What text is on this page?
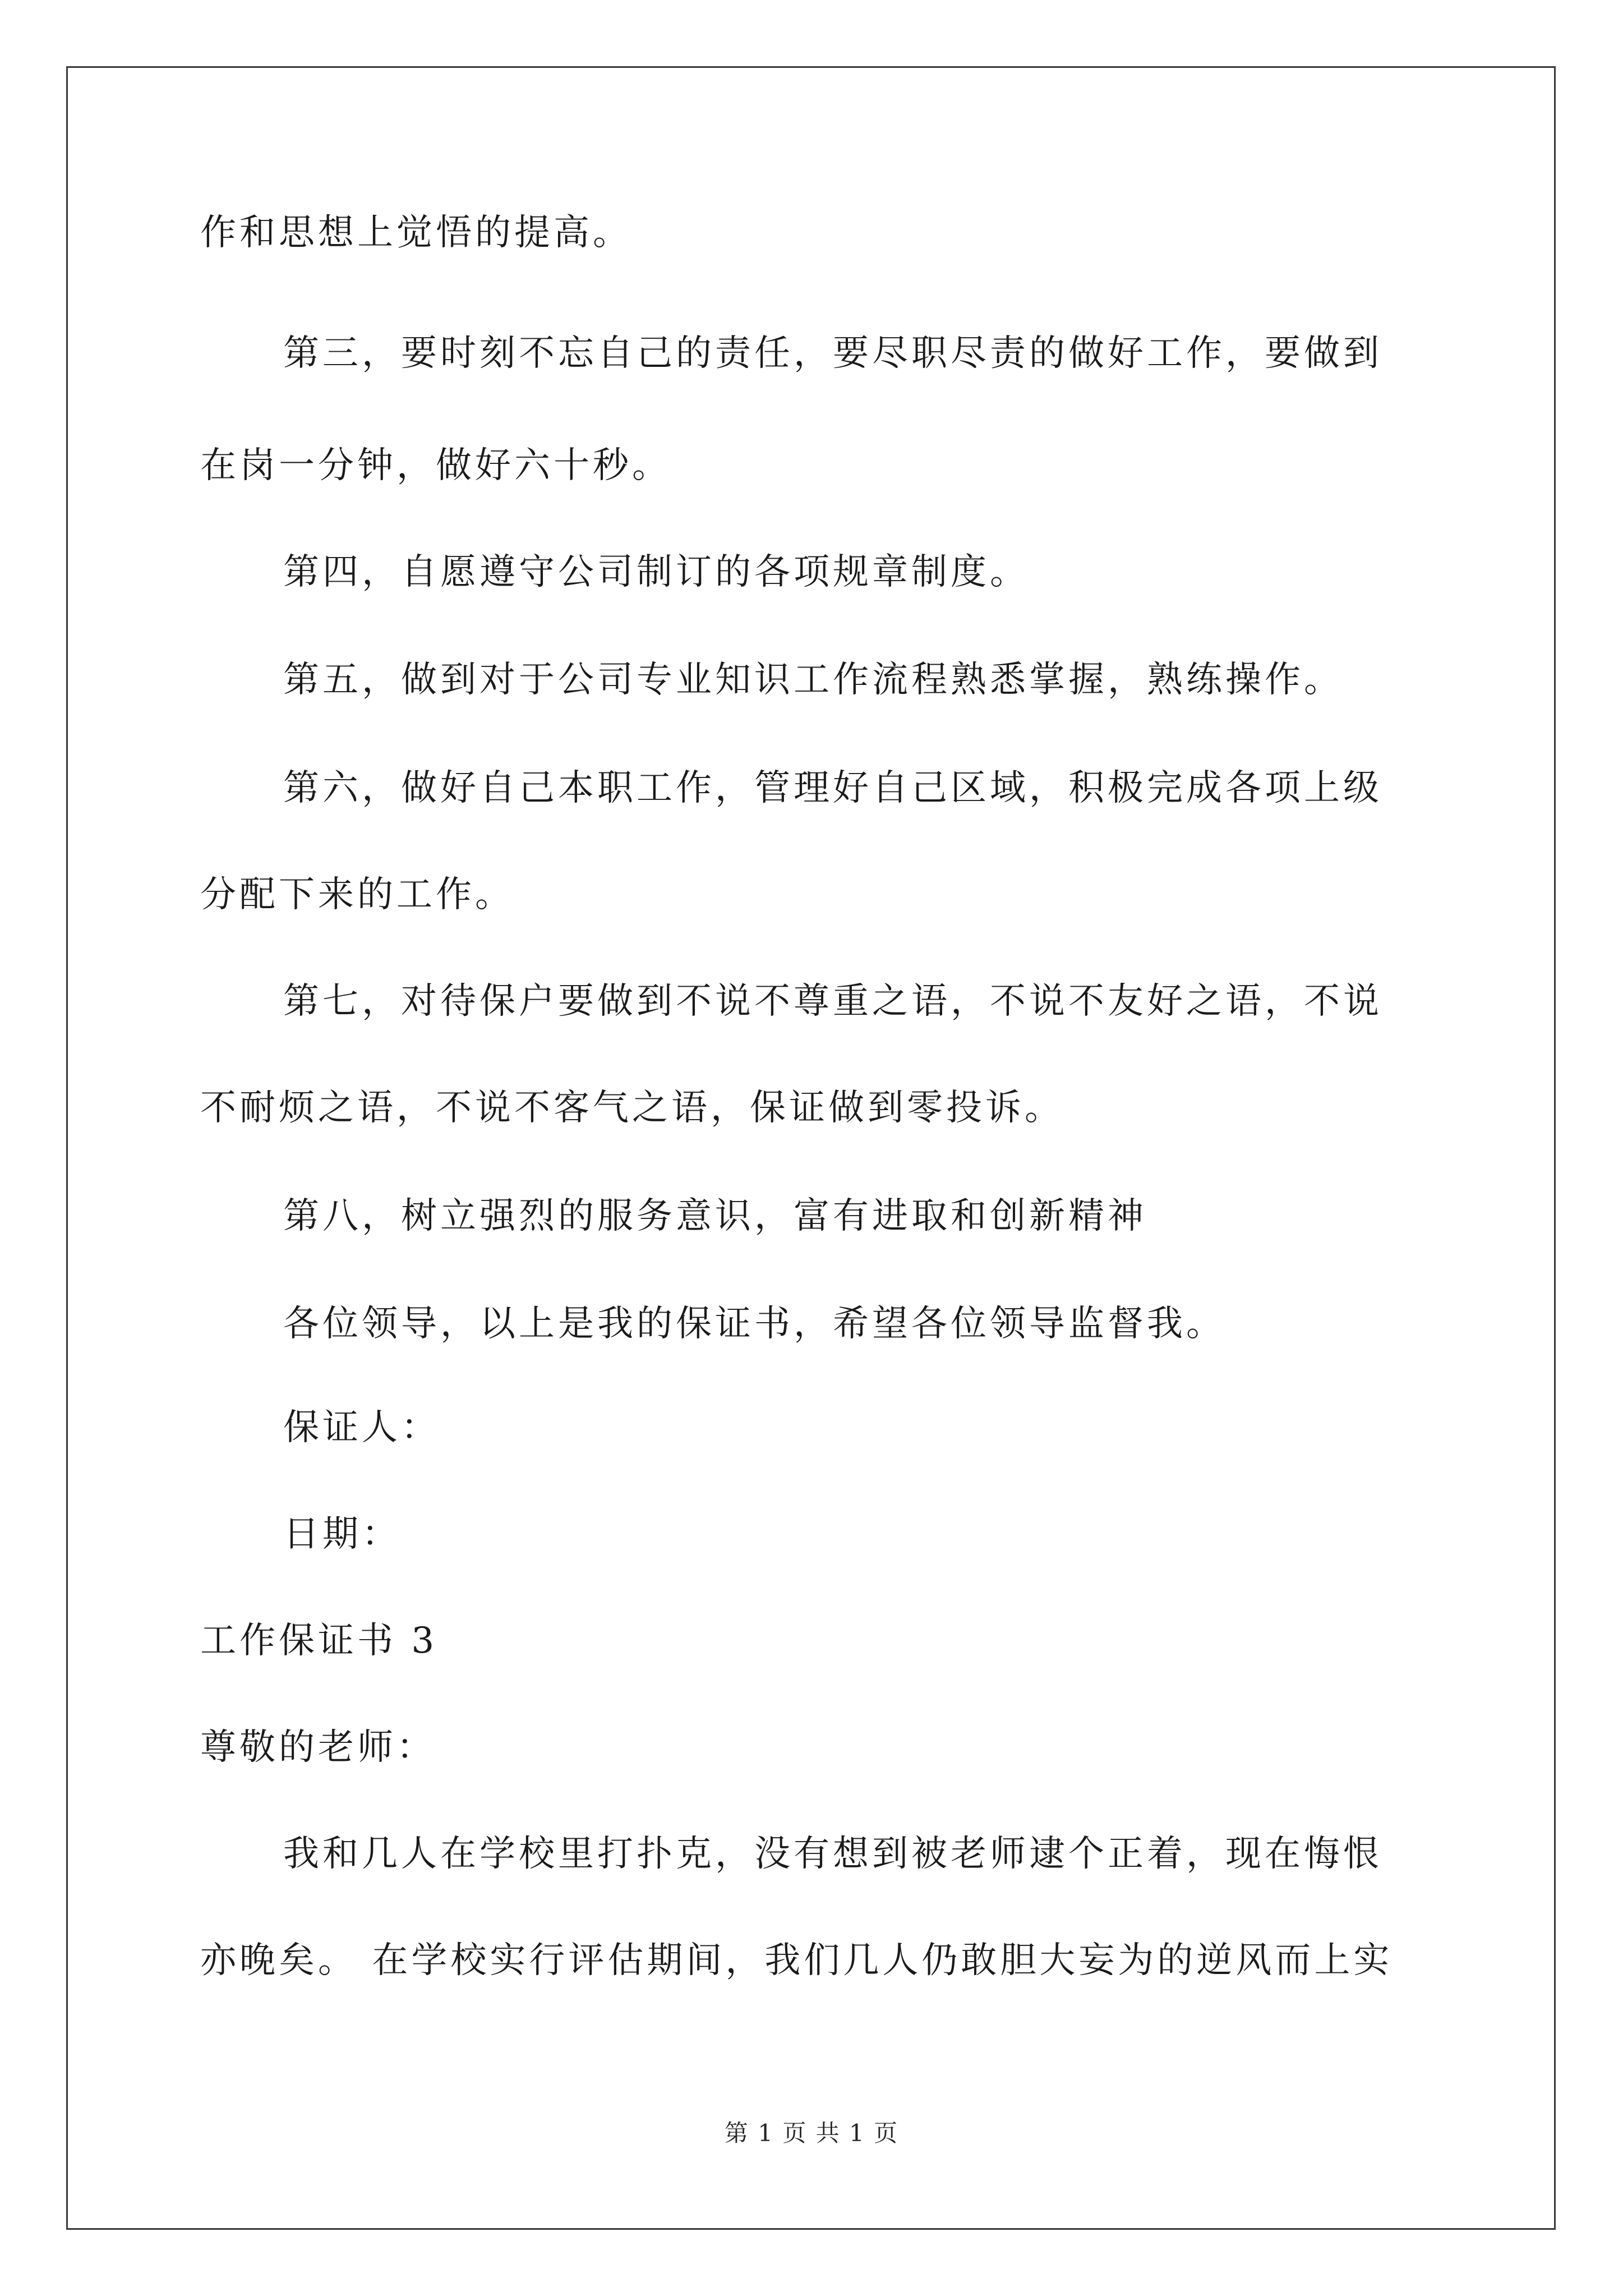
作和思想上觉悟的提高。

第三，要时刻不忘自己的责任，要尽职尽责的做好工作，要做到

在岗一分钟，做好六十秒。

第四，自愿遵守公司制订的各项规章制度。

第五，做到对于公司专业知识工作流程熟悉掌握，熟练操作。

第六，做好自己本职工作，管理好自己区域，积极完成各项上级

分配下来的工作。

第七，对待保户要做到不说不尊重之语，不说不友好之语，不说

不耐烦之语，不说不客气之语，保证做到零投诉。

第八，树立强烈的服务意识，富有进取和创新精神

各位领导，以上是我的保证书，希望各位领导监督我。

保证人：

日期：

工作保证书 3

尊敬的老师：

我和几人在学校里打扑克，没有想到被老师逮个正着，现在悔恨

亦晚矣。 在学校实行评估期间，我们几人仍敢胆大妄为的逆风而上实

第 1 页 共 1 页
